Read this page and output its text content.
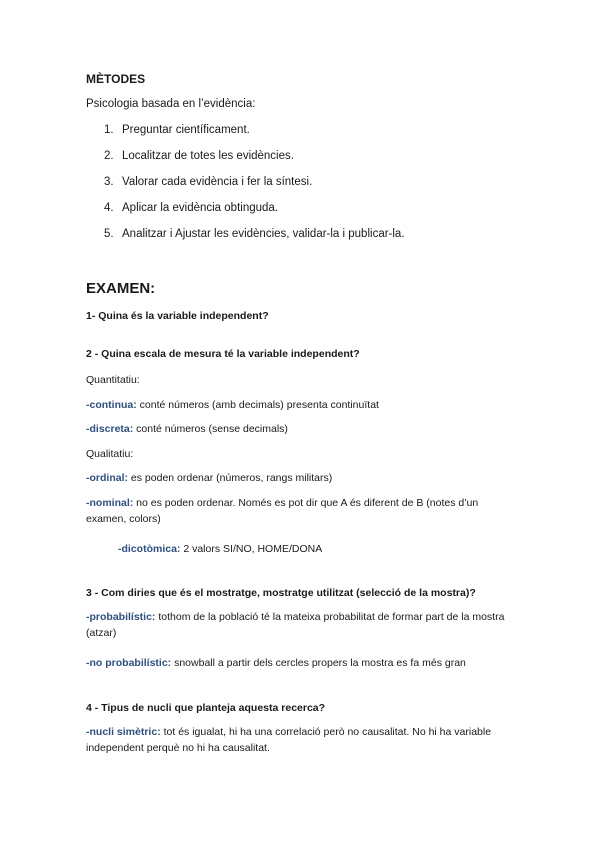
MÈTODES
Psicologia basada en l’evidència:
1. Preguntar científicament.
2. Localitzar de totes les evidències.
3. Valorar cada evidència i fer la síntesi.
4. Aplicar la evidència obtinguda.
5. Analitzar i Ajustar les evidències, validar-la i publicar-la.
EXAMEN:
1- Quina és la variable independent?
2 - Quina escala de mesura té la variable independent?
Quantitatiu:
-continua: conté números (amb decimals) presenta continuïtat
-discreta: conté números (sense decimals)
Qualitatiu:
-ordinal: es poden ordenar (números, rangs militars)
-nominal: no es poden ordenar. Només es pot dir que A és diferent de B (notes d’un examen, colors)
-dicotòmica: 2 valors SI/NO, HOME/DONA
3 - Com diries que és el mostratge, mostratge utilitzat (selecció de la mostra)?
-probabilístic: tothom de la població té la mateixa probabilitat de formar part de la mostra (atzar)
-no probabilístic: snowball a partir dels cercles propers la mostra es fa més gran
4 - Tipus de nucli que planteja aquesta recerca?
-nucli simètric: tot és igualat, hi ha una correlació però no causalitat. No hi ha variable independent perquè no hi ha causalitat.
